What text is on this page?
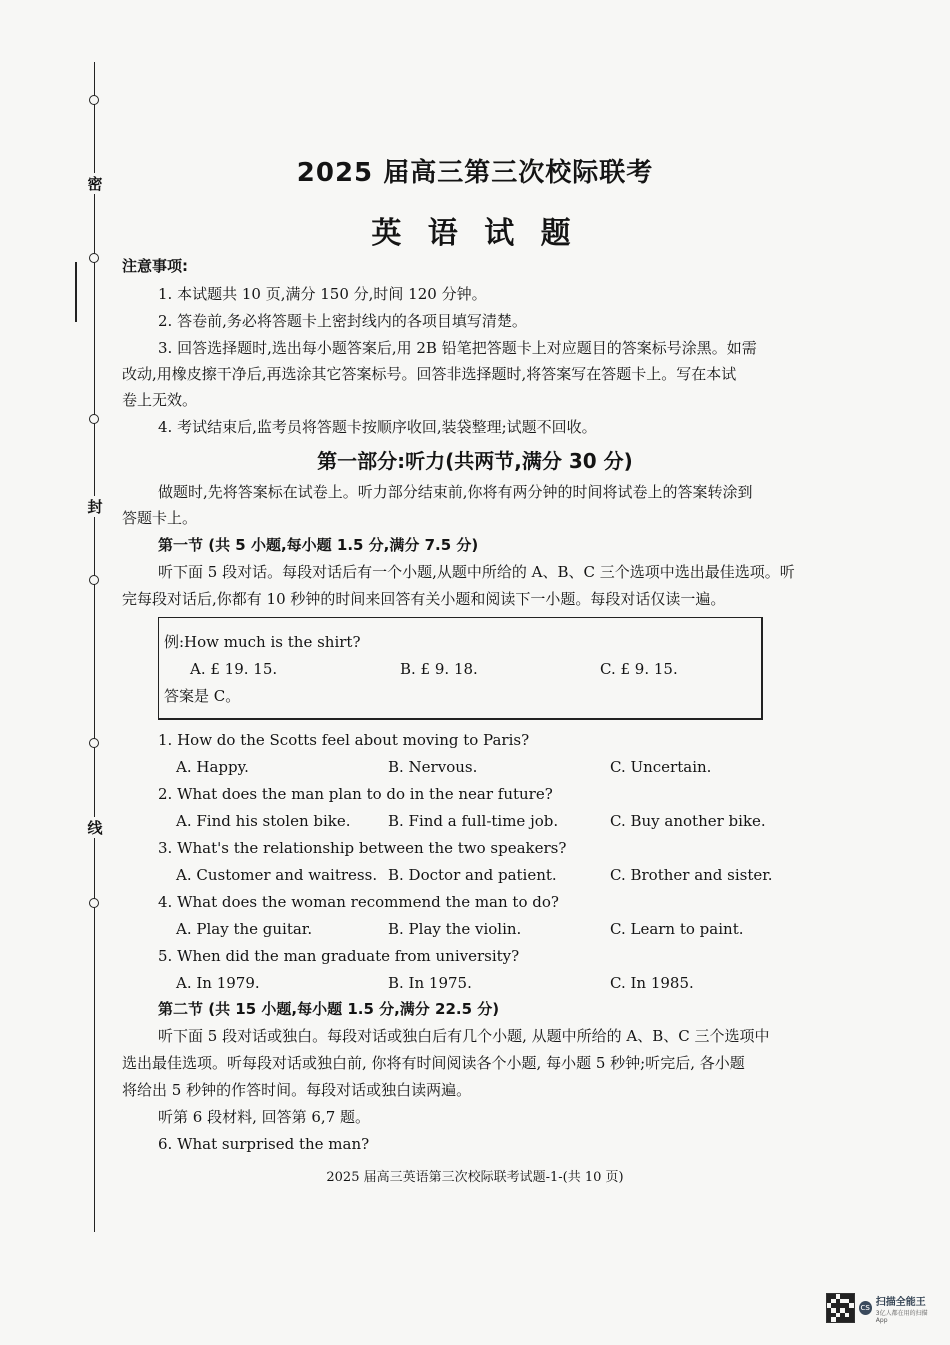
密
封
线
2025 届高三第三次校际联考
英 语 试 题
注意事项:
1. 本试题共 10 页,满分 150 分,时间 120 分钟。
2. 答卷前,务必将答题卡上密封线内的各项目填写清楚。
3. 回答选择题时,选出每小题答案后,用 2B 铅笔把答题卡上对应题目的答案标号涂黑。如需
改动,用橡皮擦干净后,再选涂其它答案标号。回答非选择题时,将答案写在答题卡上。写在本试
卷上无效。
4. 考试结束后,监考员将答题卡按顺序收回,装袋整理;试题不回收。
第一部分:听力(共两节,满分 30 分)
做题时,先将答案标在试卷上。听力部分结束前,你将有两分钟的时间将试卷上的答案转涂到
答题卡上。
第一节 (共 5 小题,每小题 1.5 分,满分 7.5 分)
听下面 5 段对话。每段对话后有一个小题,从题中所给的 A、B、C 三个选项中选出最佳选项。听
完每段对话后,你都有 10 秒钟的时间来回答有关小题和阅读下一小题。每段对话仅读一遍。
例:How much is the shirt?
A. £ 19. 15.	B. £ 9. 18.	C. £ 9. 15.
答案是 C。
1. How do the Scotts feel about moving to Paris?
A. Happy.	B. Nervous.	C. Uncertain.
2. What does the man plan to do in the near future?
A. Find his stolen bike. B. Find a full-time job.	C. Buy another bike.
3. What's the relationship between the two speakers?
A. Customer and waitress. B. Doctor and patient.	C. Brother and sister.
4. What does the woman recommend the man to do?
A. Play the guitar.	B. Play the violin.	C. Learn to paint.
5. When did the man graduate from university?
A. In 1979.	B. In 1975.	C. In 1985.
第二节 (共 15 小题,每小题 1.5 分,满分 22.5 分)
听下面 5 段对话或独白。每段对话或独白后有几个小题, 从题中所给的 A、B、C 三个选项中
选出最佳选项。听每段对话或独白前, 你将有时间阅读各个小题, 每小题 5 秒钟;听完后, 各小题
将给出 5 秒钟的作答时间。每段对话或独白读两遍。
听第 6 段材料, 回答第 6,7 题。
6. What surprised the man?
2025 届高三英语第三次校际联考试题-1-(共 10 页)
cs
扫描全能王
3亿人都在用的扫描App
